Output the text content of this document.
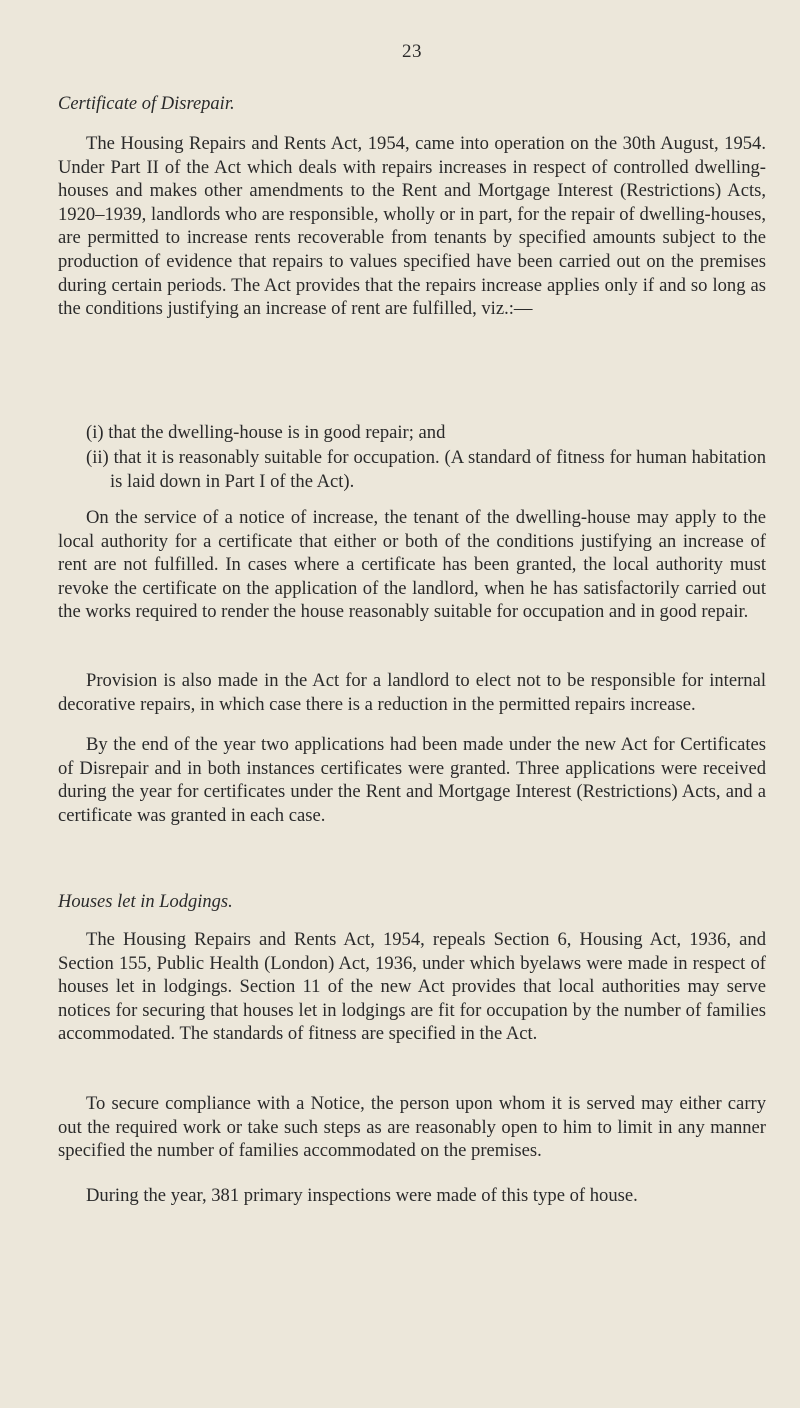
23
Certificate of Disrepair.

The Housing Repairs and Rents Act, 1954, came into operation on the 30th August, 1954. Under Part II of the Act which deals with repairs increases in respect of controlled dwelling-houses and makes other amendments to the Rent and Mortgage Interest (Restrictions) Acts, 1920–1939, landlords who are responsible, wholly or in part, for the repair of dwelling-houses, are permitted to increase rents recoverable from tenants by specified amounts subject to the production of evidence that repairs to values specified have been carried out on the premises during certain periods. The Act provides that the repairs increase applies only if and so long as the conditions justifying an increase of rent are fulfilled, viz.:—

(i) that the dwelling-house is in good repair; and

(ii) that it is reasonably suitable for occupation. (A standard of fitness for human habitation is laid down in Part I of the Act).

On the service of a notice of increase, the tenant of the dwelling-house may apply to the local authority for a certificate that either or both of the conditions justifying an increase of rent are not fulfilled. In cases where a certificate has been granted, the local authority must revoke the certificate on the application of the landlord, when he has satisfactorily carried out the works required to render the house reasonably suitable for occupation and in good repair.

Provision is also made in the Act for a landlord to elect not to be responsible for internal decorative repairs, in which case there is a reduction in the permitted repairs increase.

By the end of the year two applications had been made under the new Act for Certificates of Disrepair and in both instances certificates were granted. Three applications were received during the year for certificates under the Rent and Mortgage Interest (Restrictions) Acts, and a certificate was granted in each case.

Houses let in Lodgings.

The Housing Repairs and Rents Act, 1954, repeals Section 6, Housing Act, 1936, and Section 155, Public Health (London) Act, 1936, under which byelaws were made in respect of houses let in lodgings. Section 11 of the new Act provides that local authorities may serve notices for securing that houses let in lodgings are fit for occupation by the number of families accommodated. The standards of fitness are specified in the Act.

To secure compliance with a Notice, the person upon whom it is served may either carry out the required work or take such steps as are reasonably open to him to limit in any manner specified the number of families accommodated on the premises.

During the year, 381 primary inspections were made of this type of house.
